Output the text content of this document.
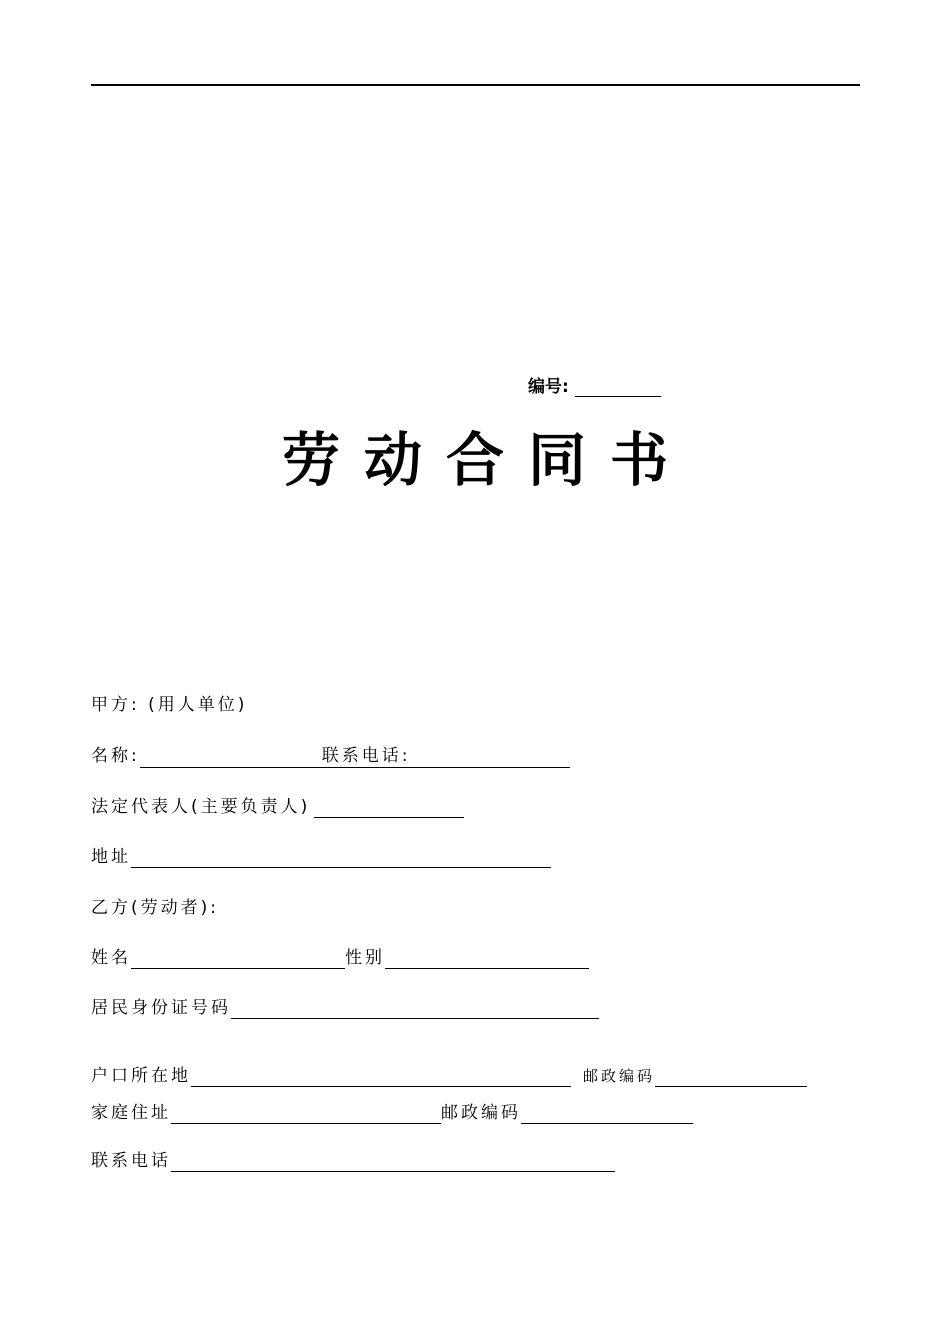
编号:
劳动合同书
甲方: (用人单位)
名称:	联系电话:
法定代表人(主要负责人)
地址
乙方(劳动者):
姓名	性别
居民身份证号码
户口所在地	邮政编码
家庭住址	邮政编码
联系电话
